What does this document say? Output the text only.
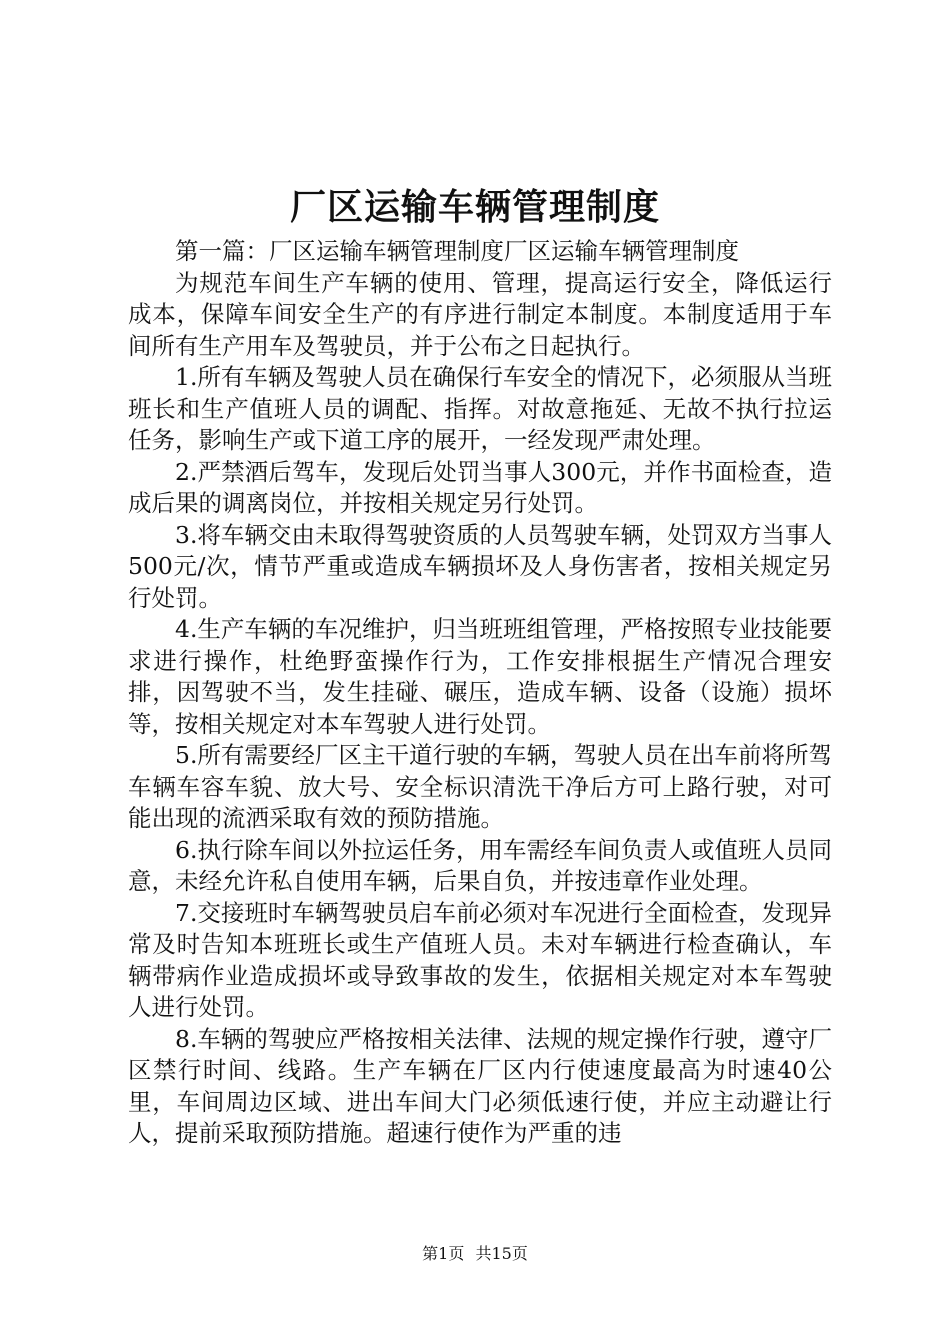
厂区运输车辆管理制度

第一篇：厂区运输车辆管理制度厂区运输车辆管理制度

为规范车间生产车辆的使用、管理，提高运行安全，降低运行成本，保障车间安全生产的有序进行制定本制度。本制度适用于车间所有生产用车及驾驶员，并于公布之日起执行。

1.所有车辆及驾驶人员在确保行车安全的情况下，必须服从当班班长和生产值班人员的调配、指挥。对故意拖延、无故不执行拉运任务，影响生产或下道工序的展开，一经发现严肃处理。

2.严禁酒后驾车，发现后处罚当事人300元，并作书面检查，造成后果的调离岗位，并按相关规定另行处罚。

3.将车辆交由未取得驾驶资质的人员驾驶车辆，处罚双方当事人500元/次，情节严重或造成车辆损坏及人身伤害者，按相关规定另行处罚。

4.生产车辆的车况维护，归当班班组管理，严格按照专业技能要求进行操作，杜绝野蛮操作行为，工作安排根据生产情况合理安排，因驾驶不当，发生挂碰、碾压，造成车辆、设备（设施）损坏等，按相关规定对本车驾驶人进行处罚。

5.所有需要经厂区主干道行驶的车辆，驾驶人员在出车前将所驾车辆车容车貌、放大号、安全标识清洗干净后方可上路行驶，对可能出现的流洒采取有效的预防措施。

6.执行除车间以外拉运任务，用车需经车间负责人或值班人员同意，未经允许私自使用车辆，后果自负，并按违章作业处理。

7.交接班时车辆驾驶员启车前必须对车况进行全面检查，发现异常及时告知本班班长或生产值班人员。未对车辆进行检查确认，车辆带病作业造成损坏或导致事故的发生，依据相关规定对本车驾驶人进行处罚。

8.车辆的驾驶应严格按相关法律、法规的规定操作行驶，遵守厂区禁行时间、线路。生产车辆在厂区内行使速度最高为时速40公里，车间周边区域、进出车间大门必须低速行使，并应主动避让行人，提前采取预防措施。超速行使作为严重的违

第1页 共15页
